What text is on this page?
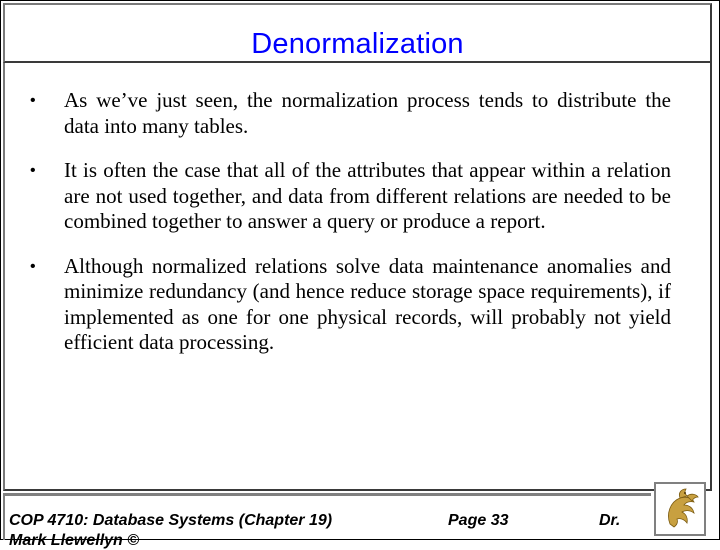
Denormalization
• As we’ve just seen, the normalization process tends to distribute the data into many tables.
• It is often the case that all of the attributes that appear within a relation are not used together, and data from different relations are needed to be combined together to answer a query or produce a report.
• Although normalized relations solve data maintenance anomalies and minimize redundancy (and hence reduce storage space requirements), if implemented as one for one physical records, will probably not yield efficient data processing.
COP 4710: Database Systems (Chapter 19)	Page 33	Dr.
Mark Llewellyn ©
